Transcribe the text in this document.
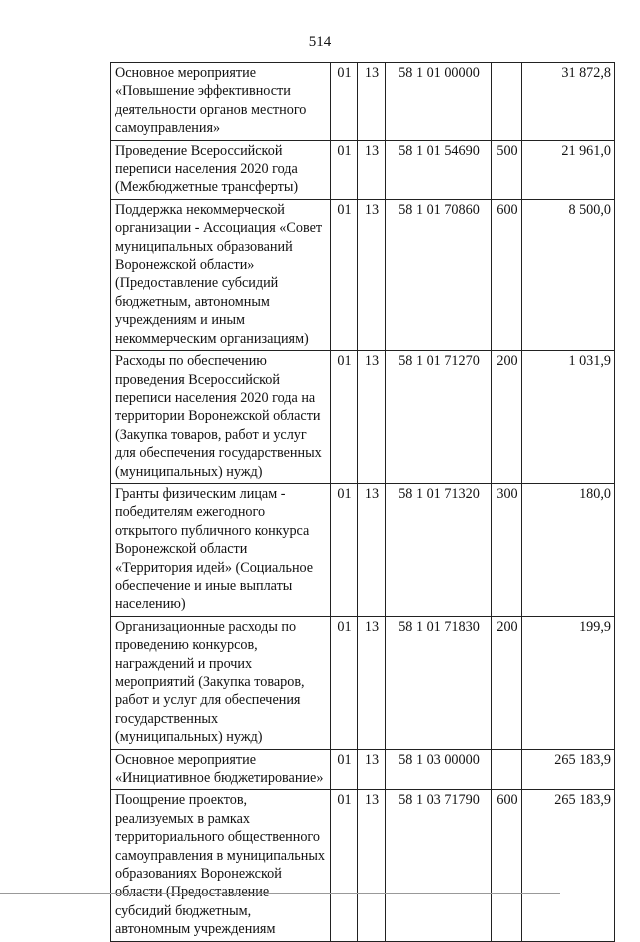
514
Основное мероприятие «Повышение эффективности деятельности органов местного самоуправления»	01	13	58 1 01 00000		31 872,8
Проведение Всероссийской переписи населения 2020 года (Межбюджетные трансферты)	01	13	58 1 01 54690	500	21 961,0
Поддержка некоммерческой организации - Ассоциация «Совет муниципальных образований Воронежской области» (Предоставление субсидий бюджетным, автономным учреждениям и иным некоммерческим организациям)	01	13	58 1 01 70860	600	8 500,0
Расходы по обеспечению проведения Всероссийской переписи населения 2020 года на территории Воронежской области (Закупка товаров, работ и услуг для обеспечения государственных (муниципальных) нужд)	01	13	58 1 01 71270	200	1 031,9
Гранты физическим лицам - победителям ежегодного открытого публичного конкурса Воронежской области «Территория идей» (Социальное обеспечение и иные выплаты населению)	01	13	58 1 01 71320	300	180,0
Организационные расходы по проведению конкурсов, награждений и прочих мероприятий (Закупка товаров, работ и услуг для обеспечения государственных (муниципальных) нужд)	01	13	58 1 01 71830	200	199,9
Основное мероприятие «Инициативное бюджетирование»	01	13	58 1 03 00000		265 183,9
Поощрение проектов, реализуемых в рамках территориального общественного самоуправления в муниципальных образованиях Воронежской области (Предоставление субсидий бюджетным, автономным учреждениям	01	13	58 1 03 71790	600	265 183,9
